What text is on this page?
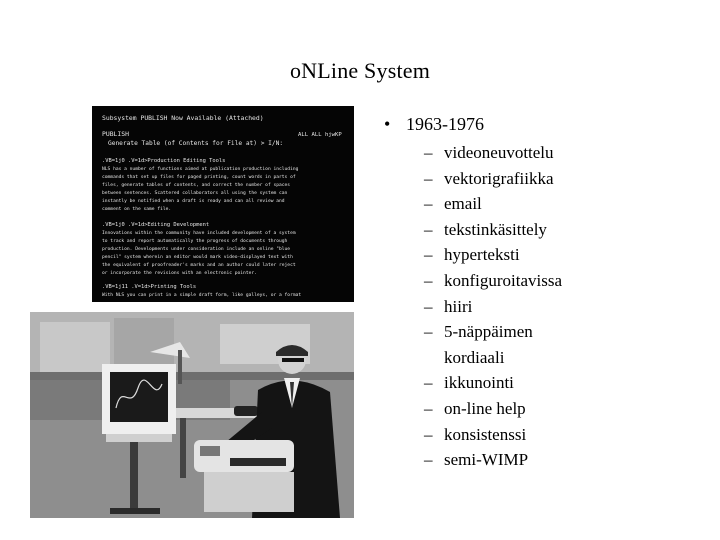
oNLine System
Subsystem PUBLISH Now Available (Attached)
PUBLISH	ALL ALL hjwKP
Generate Table (of Contents for File at) > I/N:
.VB=1j0 .V=1d>Production Editing Tools
NLS has a number of functions aimed at publication production including
commands that set up files for paged printing, count words in parts of
files, generate tables of contents, and correct the number of spaces
between sentences. Scattered collaborators all using the system can
instantly be notified when a draft is ready and can all review and
comment on the same file.
.VB=1j0 .V=1d>Editing Development
Innovations within the community have included development of a system
to track and report automatically the progress of documents through
production. Developments under consideration include an online "blue
pencil" system wherein an editor would mark video-displayed text with
the equivalent of proofreader's marks and an author could later reject
or incorporate the revisions with an electronic pointer.
.VB=1j11 .V=1d>Printing Tools
With NLS you can print in a simple draft form, like galleys, or a format
• 1963-1976
– videoneuvottelu
– vektorigrafiikka
– email
– tekstinkäsittely
– hyperteksti
– konfiguroitavissa
– hiiri
– 5-näppäimen kordiaali
– ikkunointi
– on-line help
– konsistenssi
– semi-WIMP
